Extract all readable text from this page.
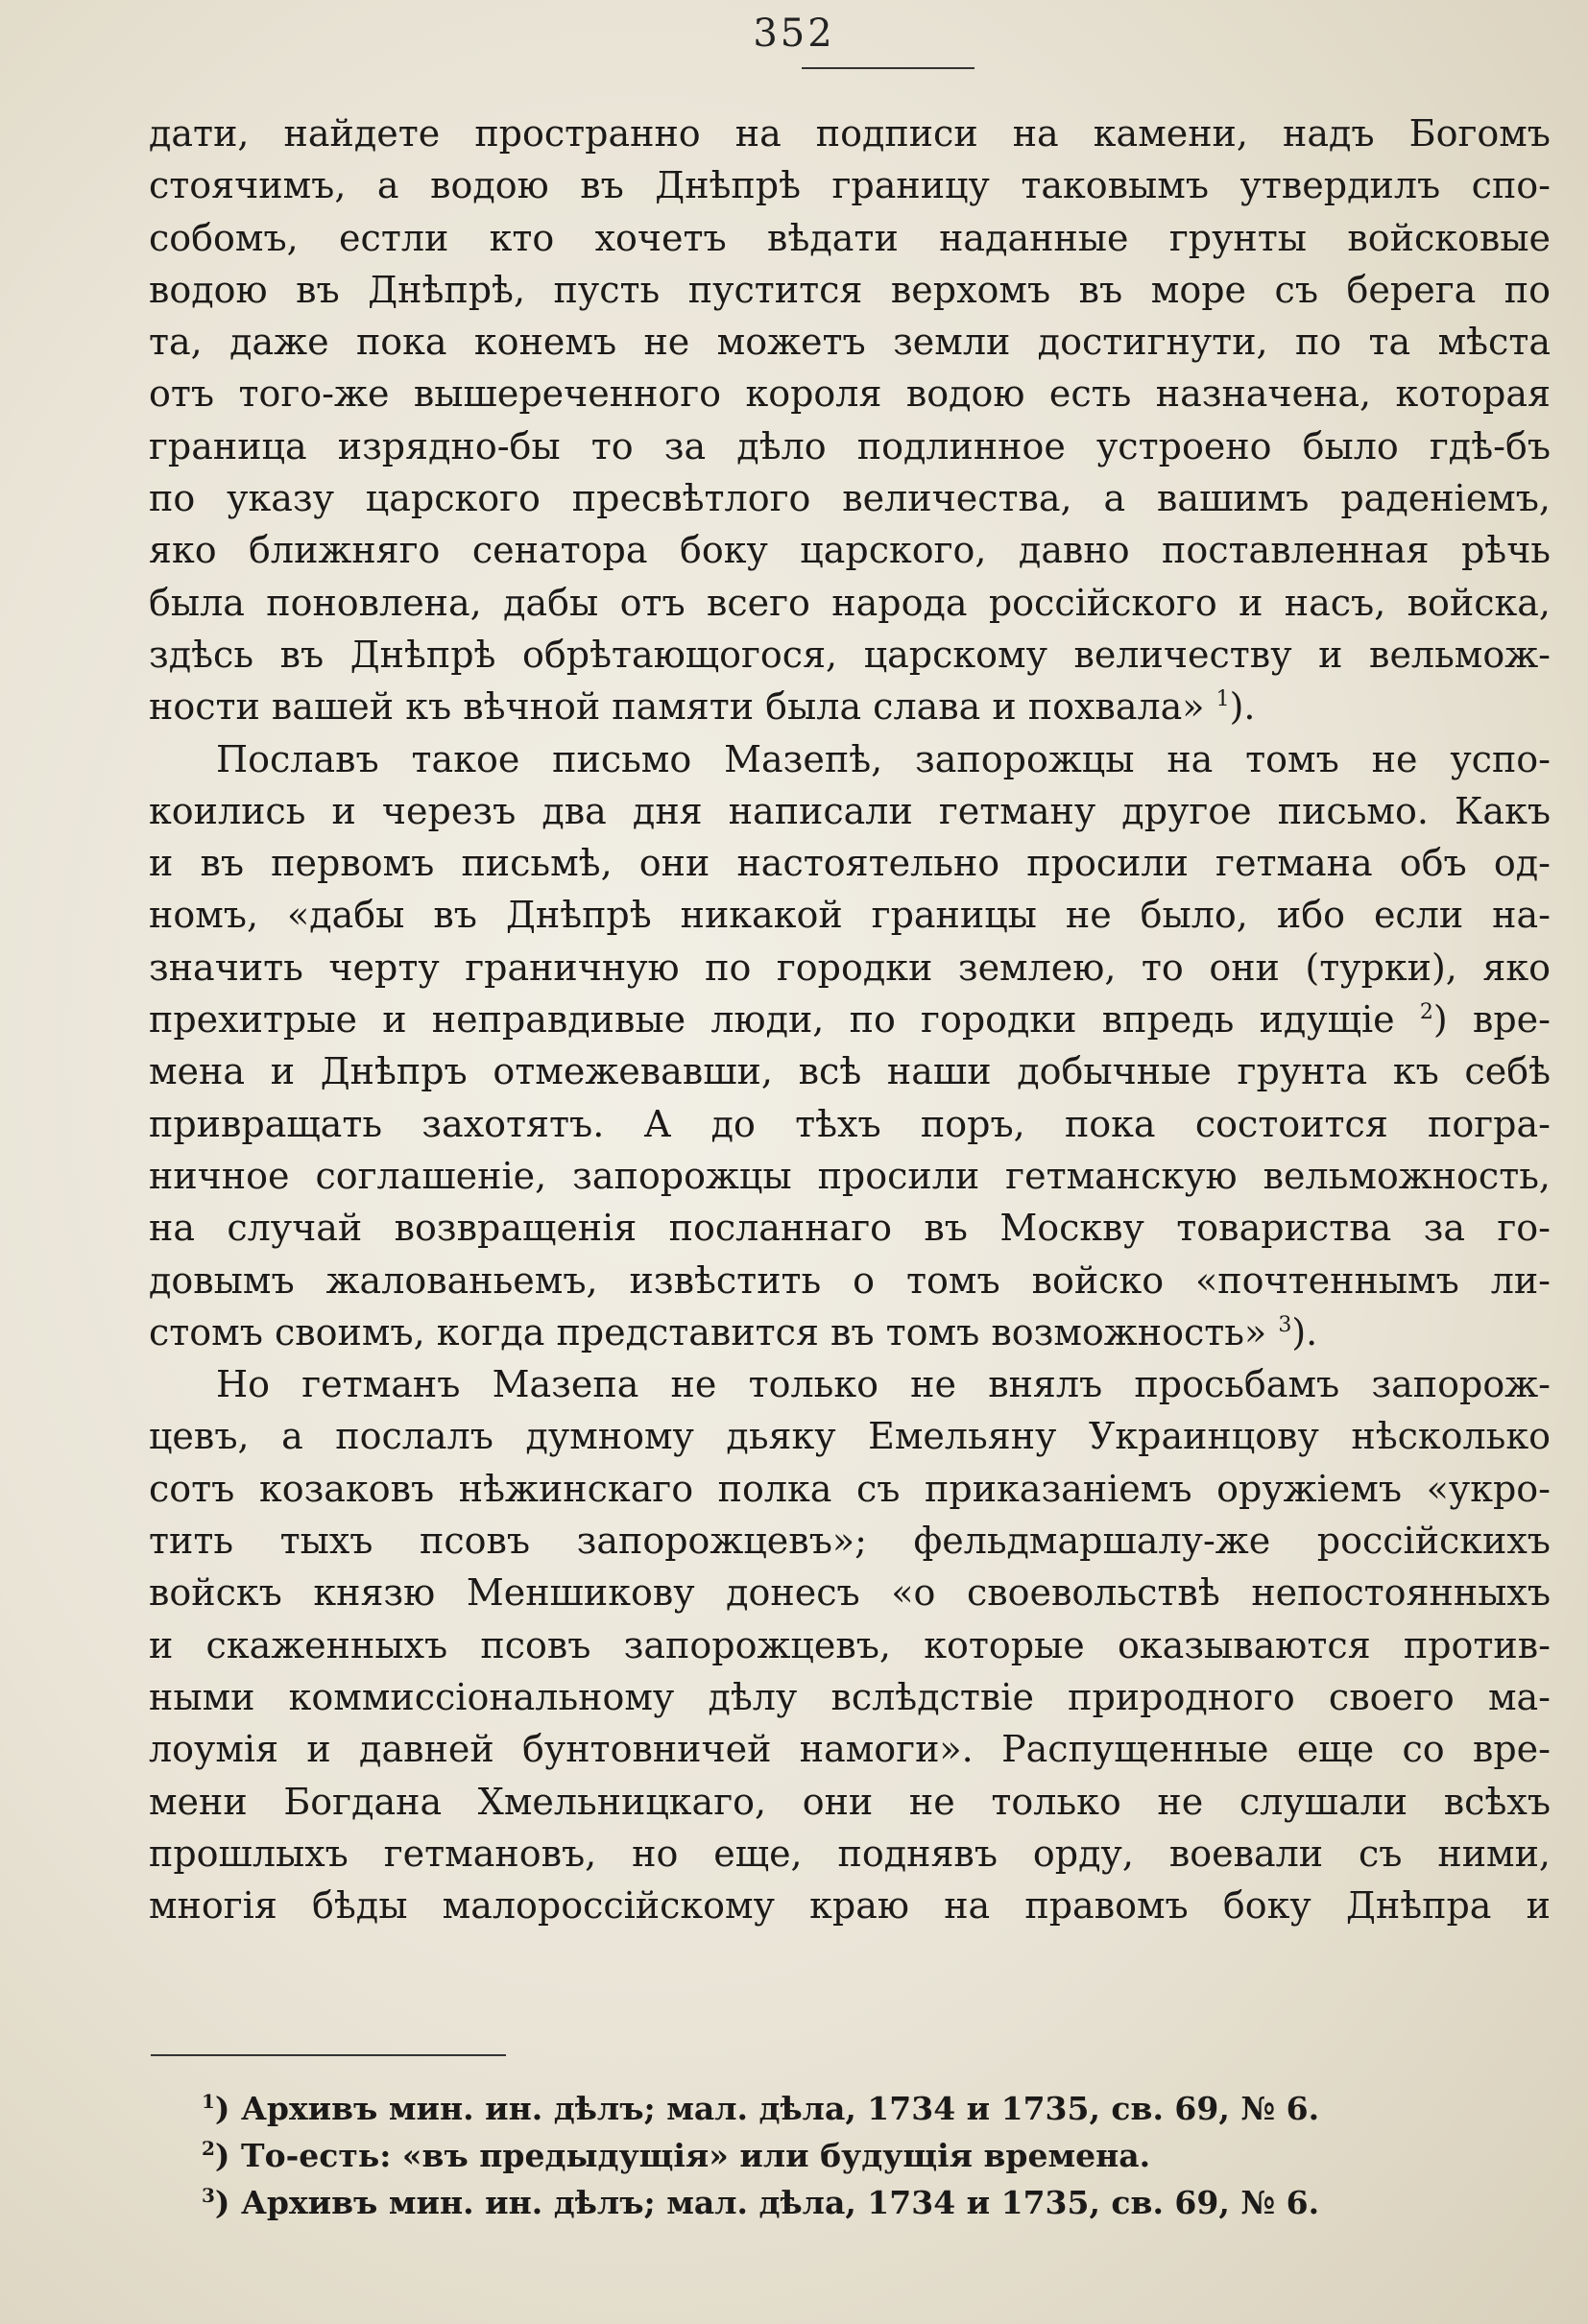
352
дати, найдете пространно на подписи на камени, надъ Богомъ
стоячимъ, а водою въ Днѣпрѣ границу таковымъ утвердилъ спо-
собомъ, естли кто хочетъ вѣдати наданные грунты войсковые
водою въ Днѣпрѣ, пусть пустится верхомъ въ море съ берега по
та, даже пока конемъ не можетъ земли достигнути, по та мѣста
отъ того-же вышереченного короля водою есть назначена, которая
граница изрядно-бы то за дѣло подлинное устроено было гдѣ-бъ
по указу царского пресвѣтлого величества, а вашимъ раденіемъ,
яко ближняго сенатора боку царского, давно поставленная рѣчь
была поновлена, дабы отъ всего народа россійского и насъ, войска,
здѣсь въ Днѣпрѣ обрѣтающогося, царскому величеству и вельмож-
ности вашей къ вѣчной памяти была слава и похвала» $^1$).
Пославъ такое письмо Мазепѣ, запорожцы на томъ не успо-
коились и черезъ два дня написали гетману другое письмо. Какъ
и въ первомъ письмѣ, они настоятельно просили гетмана объ од-
номъ, «дабы въ Днѣпрѣ никакой границы не было, ибо если на-
значить черту граничную по городки землею, то они (турки), яко
прехитрые и неправдивые люди, по городки впредь идущіе $^2$) вре-
мена и Днѣпръ отмежевавши, всѣ наши добычные грунта къ себѣ
привращать захотятъ. А до тѣхъ поръ, пока состоится погра-
ничное соглашеніе, запорожцы просили гетманскую вельможность,
на случай возвращенія посланнаго въ Москву товариства за го-
довымъ жалованьемъ, извѣстить о томъ войско «почтеннымъ ли-
стомъ своимъ, когда представится въ томъ возможность» $^3$).
Но гетманъ Мазепа не только не внялъ просьбамъ запорож-
цевъ, а послалъ думному дьяку Емельяну Украинцову нѣсколько
сотъ козаковъ нѣжинскаго полка съ приказаніемъ оружіемъ «укро-
тить тыхъ псовъ запорожцевъ»; фельдмаршалу-же россійскихъ
войскъ князю Меншикову донесъ «о своевольствѣ непостоянныхъ
и скаженныхъ псовъ запорожцевъ, которые оказываются против-
ными коммиссіональному дѣлу вслѣдствіе природного своего ма-
лоумія и давней бунтовничей намоги». Распущенные еще со вре-
мени Богдана Хмельницкаго, они не только не слушали всѣхъ
прошлыхъ гетмановъ, но еще, поднявъ орду, воевали съ ними,
многія бѣды малороссійскому краю на правомъ боку Днѣпра и
$^1$) Архивъ мин. ин. дѣлъ; мал. дѣла, 1734 и 1735, св. 69, № 6.
$^2$) То-есть: «въ предыдущія» или будущія времена.
$^3$) Архивъ мин. ин. дѣлъ; мал. дѣла, 1734 и 1735, св. 69, № 6.
